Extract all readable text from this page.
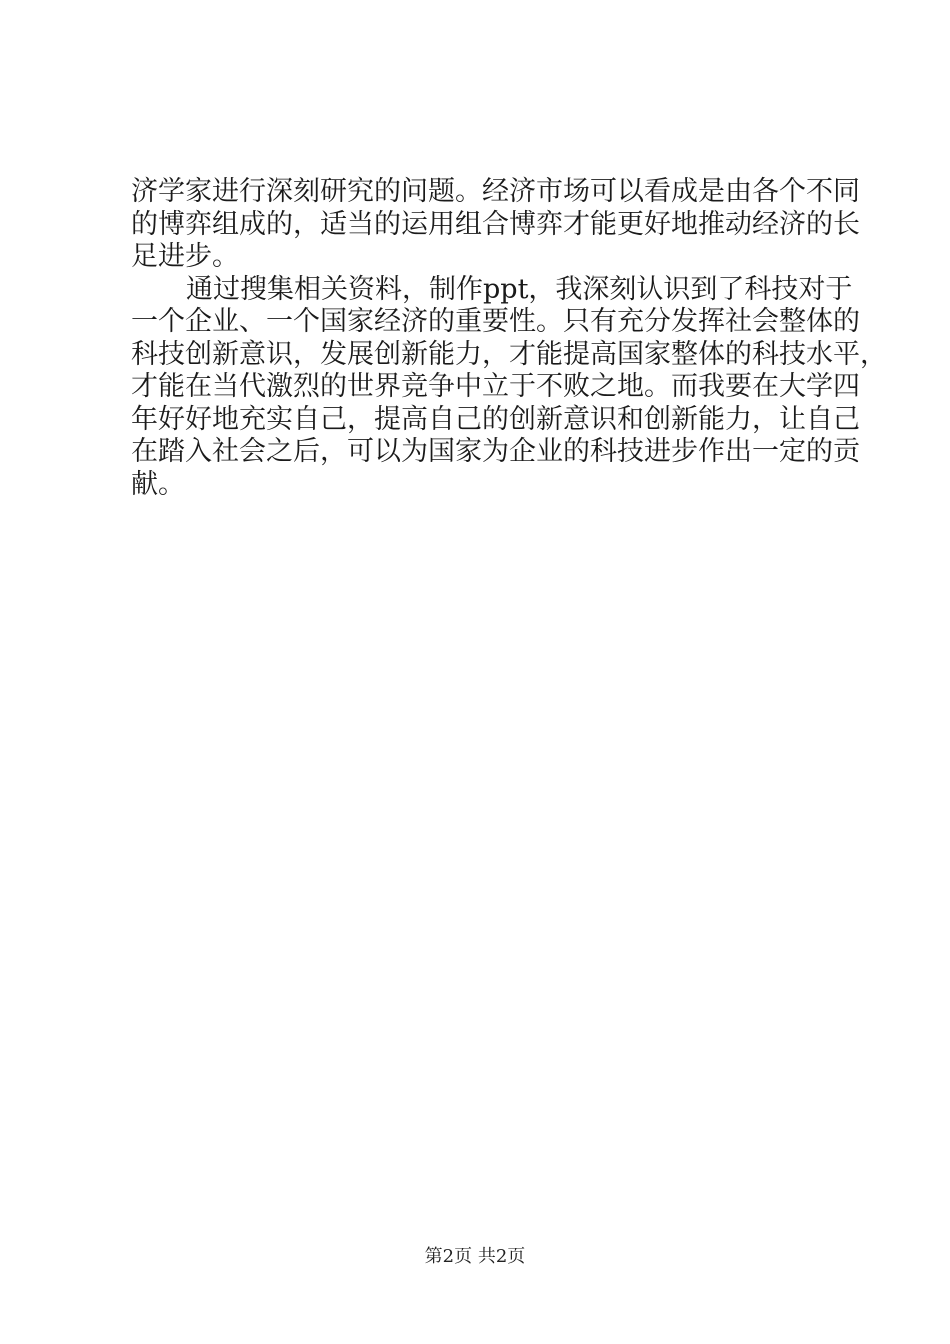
济学家进行深刻研究的问题。经济市场可以看成是由各个不同
的博弈组成的，适当的运用组合博弈才能更好地推动经济的长
足进步。
通过搜集相关资料，制作ppt，我深刻认识到了科技对于
一个企业、一个国家经济的重要性。只有充分发挥社会整体的
科技创新意识，发展创新能力，才能提高国家整体的科技水平，
才能在当代激烈的世界竞争中立于不败之地。而我要在大学四
年好好地充实自己，提高自己的创新意识和创新能力，让自己
在踏入社会之后，可以为国家为企业的科技进步作出一定的贡
献。
第2页 共2页
